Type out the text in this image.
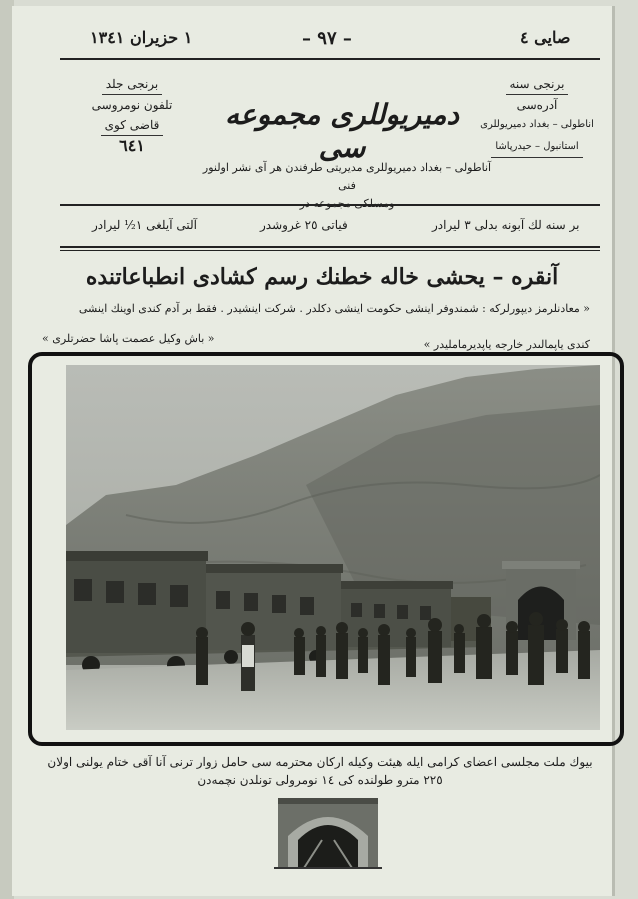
صايى ٤
– ٩٧ –
١ حزيران ١٣٤١
برنجى سنه
آدرەسى
اناطولى – بغداد دميريوللرى
استانبول – حيدرپاشا
برنجى جلد
تلفون نومروسى
قاضى كوى
٦٤١
دميريوللرى مجموعه سى
آناطولى – بغداد دميريوللرى مديريتى طرفندن هر آى نشر اولنور فنى
بر سنه لك آبونه بدلى ٣ ليرادر
فياتى ٢٥ غروشدر
آلتى آيلغى ١½ ليرادر
آنقره – يحشى خاله خطنك رسم كشادى انطباعاتنده
« معادنلرمز ديپورلركه : شمندوفر اينشى حكومت اينشى دكلدر . شركت اينشيدر . فقط بر آدم كندى اوينك اينشى
كندى ياپمالىدر خارجه ياپديرمامليدر »
« باش وكيل عصمت پاشا حضرتلرى »
بيوك ملت مجلسى اعضاى كرامى ايله هيئت وكيله اركان محترمه سى حامل زوار ترنى آنا آقى ختام يولنى اولان
٢٢٥ مترو طولنده كى ١٤ نومرولى تونلدن نچمەدن
